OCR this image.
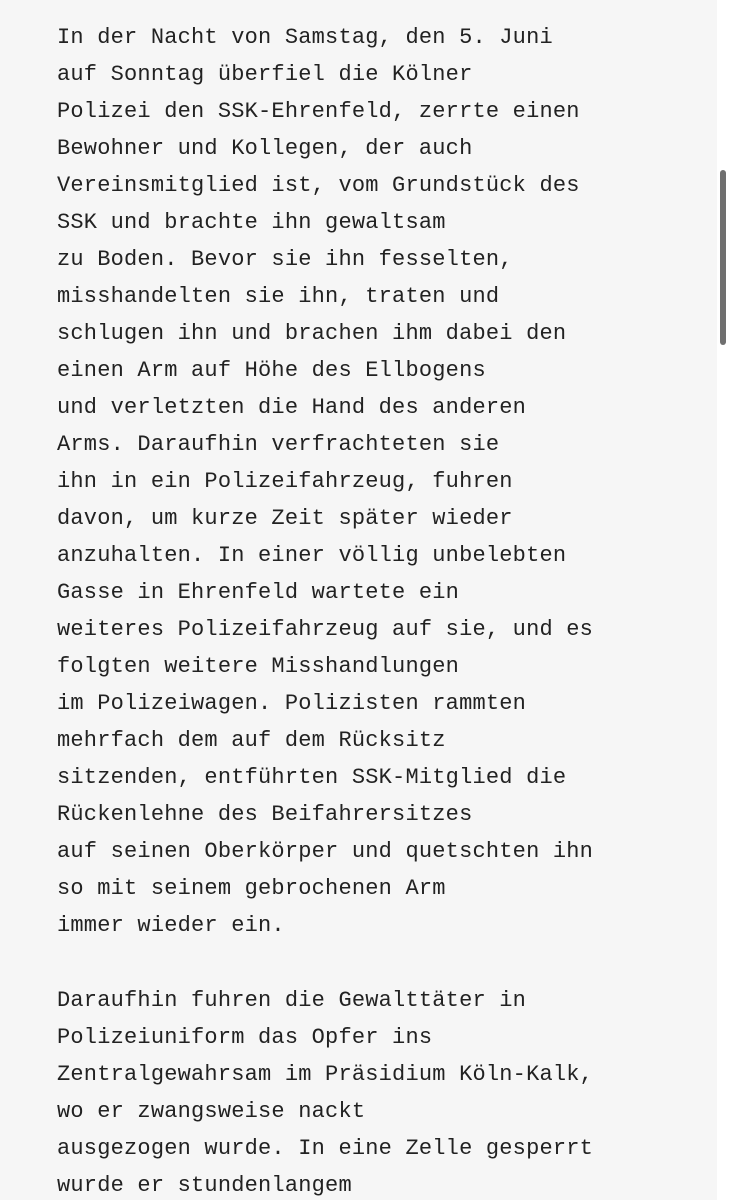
In der Nacht von Samstag, den 5. Juni
auf Sonntag überfiel die Kölner
Polizei den SSK-Ehrenfeld, zerrte einen
Bewohner und Kollegen, der auch
Vereinsmitglied ist, vom Grundstück des
SSK und brachte ihn gewaltsam
zu Boden. Bevor sie ihn fesselten,
misshandelten sie ihn, traten und
schlugen ihn und brachen ihm dabei den
einen Arm auf Höhe des Ellbogens
und verletzten die Hand des anderen
Arms. Daraufhin verfrachteten sie
ihn in ein Polizeifahrzeug, fuhren
davon, um kurze Zeit später wieder
anzuhalten. In einer völlig unbelebten
Gasse in Ehrenfeld wartete ein
weiteres Polizeifahrzeug auf sie, und es
folgten weitere Misshandlungen
im Polizeiwagen. Polizisten rammten
mehrfach dem auf dem Rücksitz
sitzenden, entführten SSK-Mitglied die
Rückenlehne des Beifahrersitzes
auf seinen Oberkörper und quetschten ihn
so mit seinem gebrochenen Arm
immer wieder ein.

Daraufhin fuhren die Gewalttäter in
Polizeiuniform das Opfer ins
Zentralgewahrsam im Präsidium Köln-Kalk,
wo er zwangsweise nackt
ausgezogen wurde. In eine Zelle gesperrt
wurde er stundenlangem
